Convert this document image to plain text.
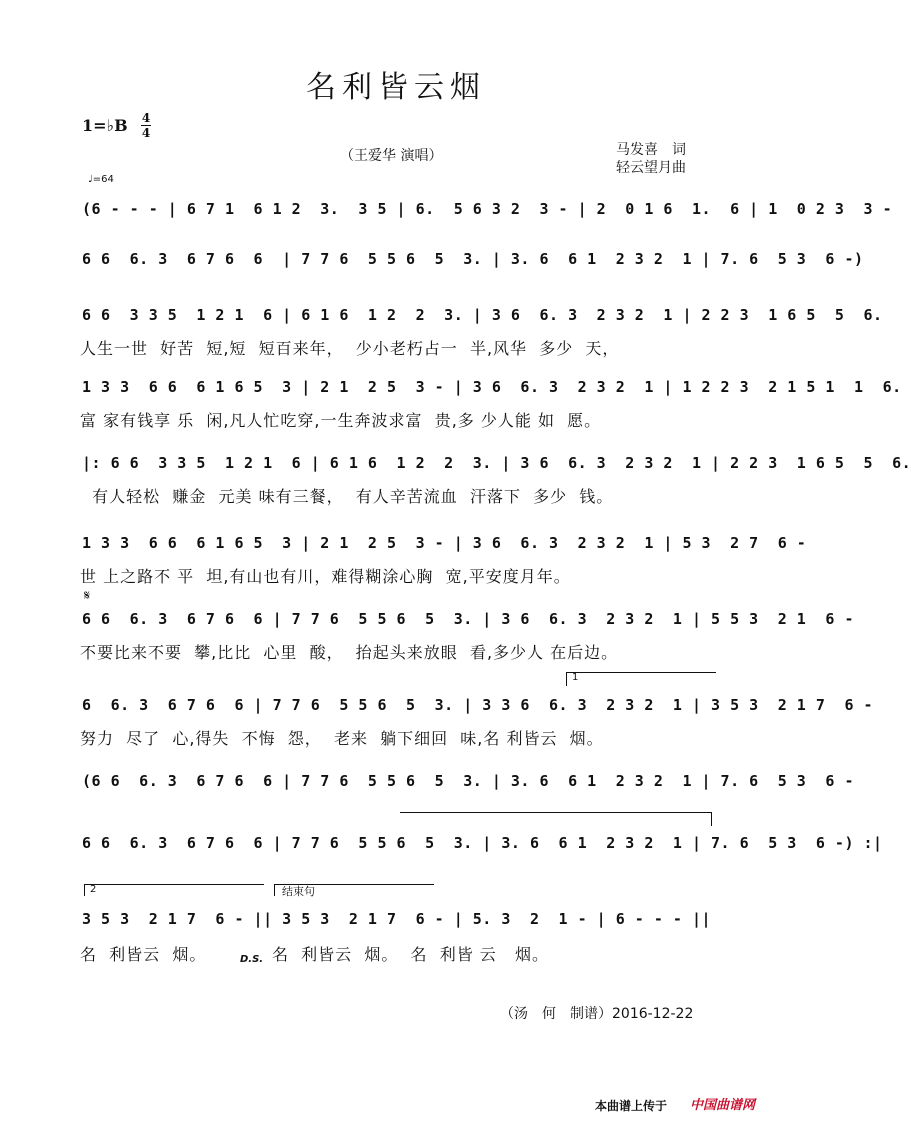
名利皆云烟
1=♭B 4
4
（王爱华 演唱）	马发喜　词
轻云望月曲
♩=64
(6 - - - | 6 7 1  6 1 2  3.  3 5 | 6.  5 6 3 2  3 - | 2  0 1 6  1.  6 | 1  0 2 3  3 -
6 6  6. 3  6 7 6  6  | 7 7 6  5 5 6  5  3. | 3. 6  6 1  2 3 2  1 | 7. 6  5 3  6 -)
6 6  3 3 5  1 2 1  6 | 6 1 6  1 2  2  3. | 3 6  6. 3  2 3 2  1 | 2 2 3  1 6 5  5  6.
人生一世  好苦  短,短  短百来年，  少小老朽占一  半,风华  多少  天，
1 3 3  6 6  6 1 6 5  3 | 2 1  2 5  3 - | 3 6  6. 3  2 3 2  1 | 1 2 2 3  2 1 5 1  1  6.
富 家有钱享 乐  闲,凡人忙吃穿,一生奔波求富  贵,多 少人能 如  愿。
|: 6 6  3 3 5  1 2 1  6 | 6 1 6  1 2  2  3. | 3 6  6. 3  2 3 2  1 | 2 2 3  1 6 5  5  6.
有人轻松  赚金  元美 味有三餐，  有人辛苦流血  汗落下  多少  钱。
1 3 3  6 6  6 1 6 5  3 | 2 1  2 5  3 - | 3 6  6. 3  2 3 2  1 | 5 3  2 7  6 -
世 上之路不 平  坦,有山也有川，难得糊涂心胸  宽,平安度月年。
𝄋
6 6  6. 3  6 7 6  6 | 7 7 6  5 5 6  5  3. | 3 6  6. 3  2 3 2  1 | 5 5 3  2 1  6 -
不要比来不要  攀,比比  心里  酸，  抬起头来放眼  看,多少人 在后边。
1
6  6. 3  6 7 6  6 | 7 7 6  5 5 6  5  3. | 3 3 6  6. 3  2 3 2  1 | 3 5 3  2 1 7  6 -
努力  尽了  心,得失  不悔  怨，  老来  躺下细回  味,名 利皆云  烟。
(6 6  6. 3  6 7 6  6 | 7 7 6  5 5 6  5  3. | 3. 6  6 1  2 3 2  1 | 7. 6  5 3  6 -
6 6  6. 3  6 7 6  6 | 7 7 6  5 5 6  5  3. | 3. 6  6 1  2 3 2  1 | 7. 6  5 3  6 -) :|
2	结束句
3 5 3  2 1 7  6 - || 3 5 3  2 1 7  6 - | 5. 3  2  1 - | 6 - - - ||
名  利皆云  烟。	D.S. 名  利皆云  烟。  名  利皆 云   烟。
（汤　何　制谱）2016-12-22
本曲谱上传于 中国曲谱网
